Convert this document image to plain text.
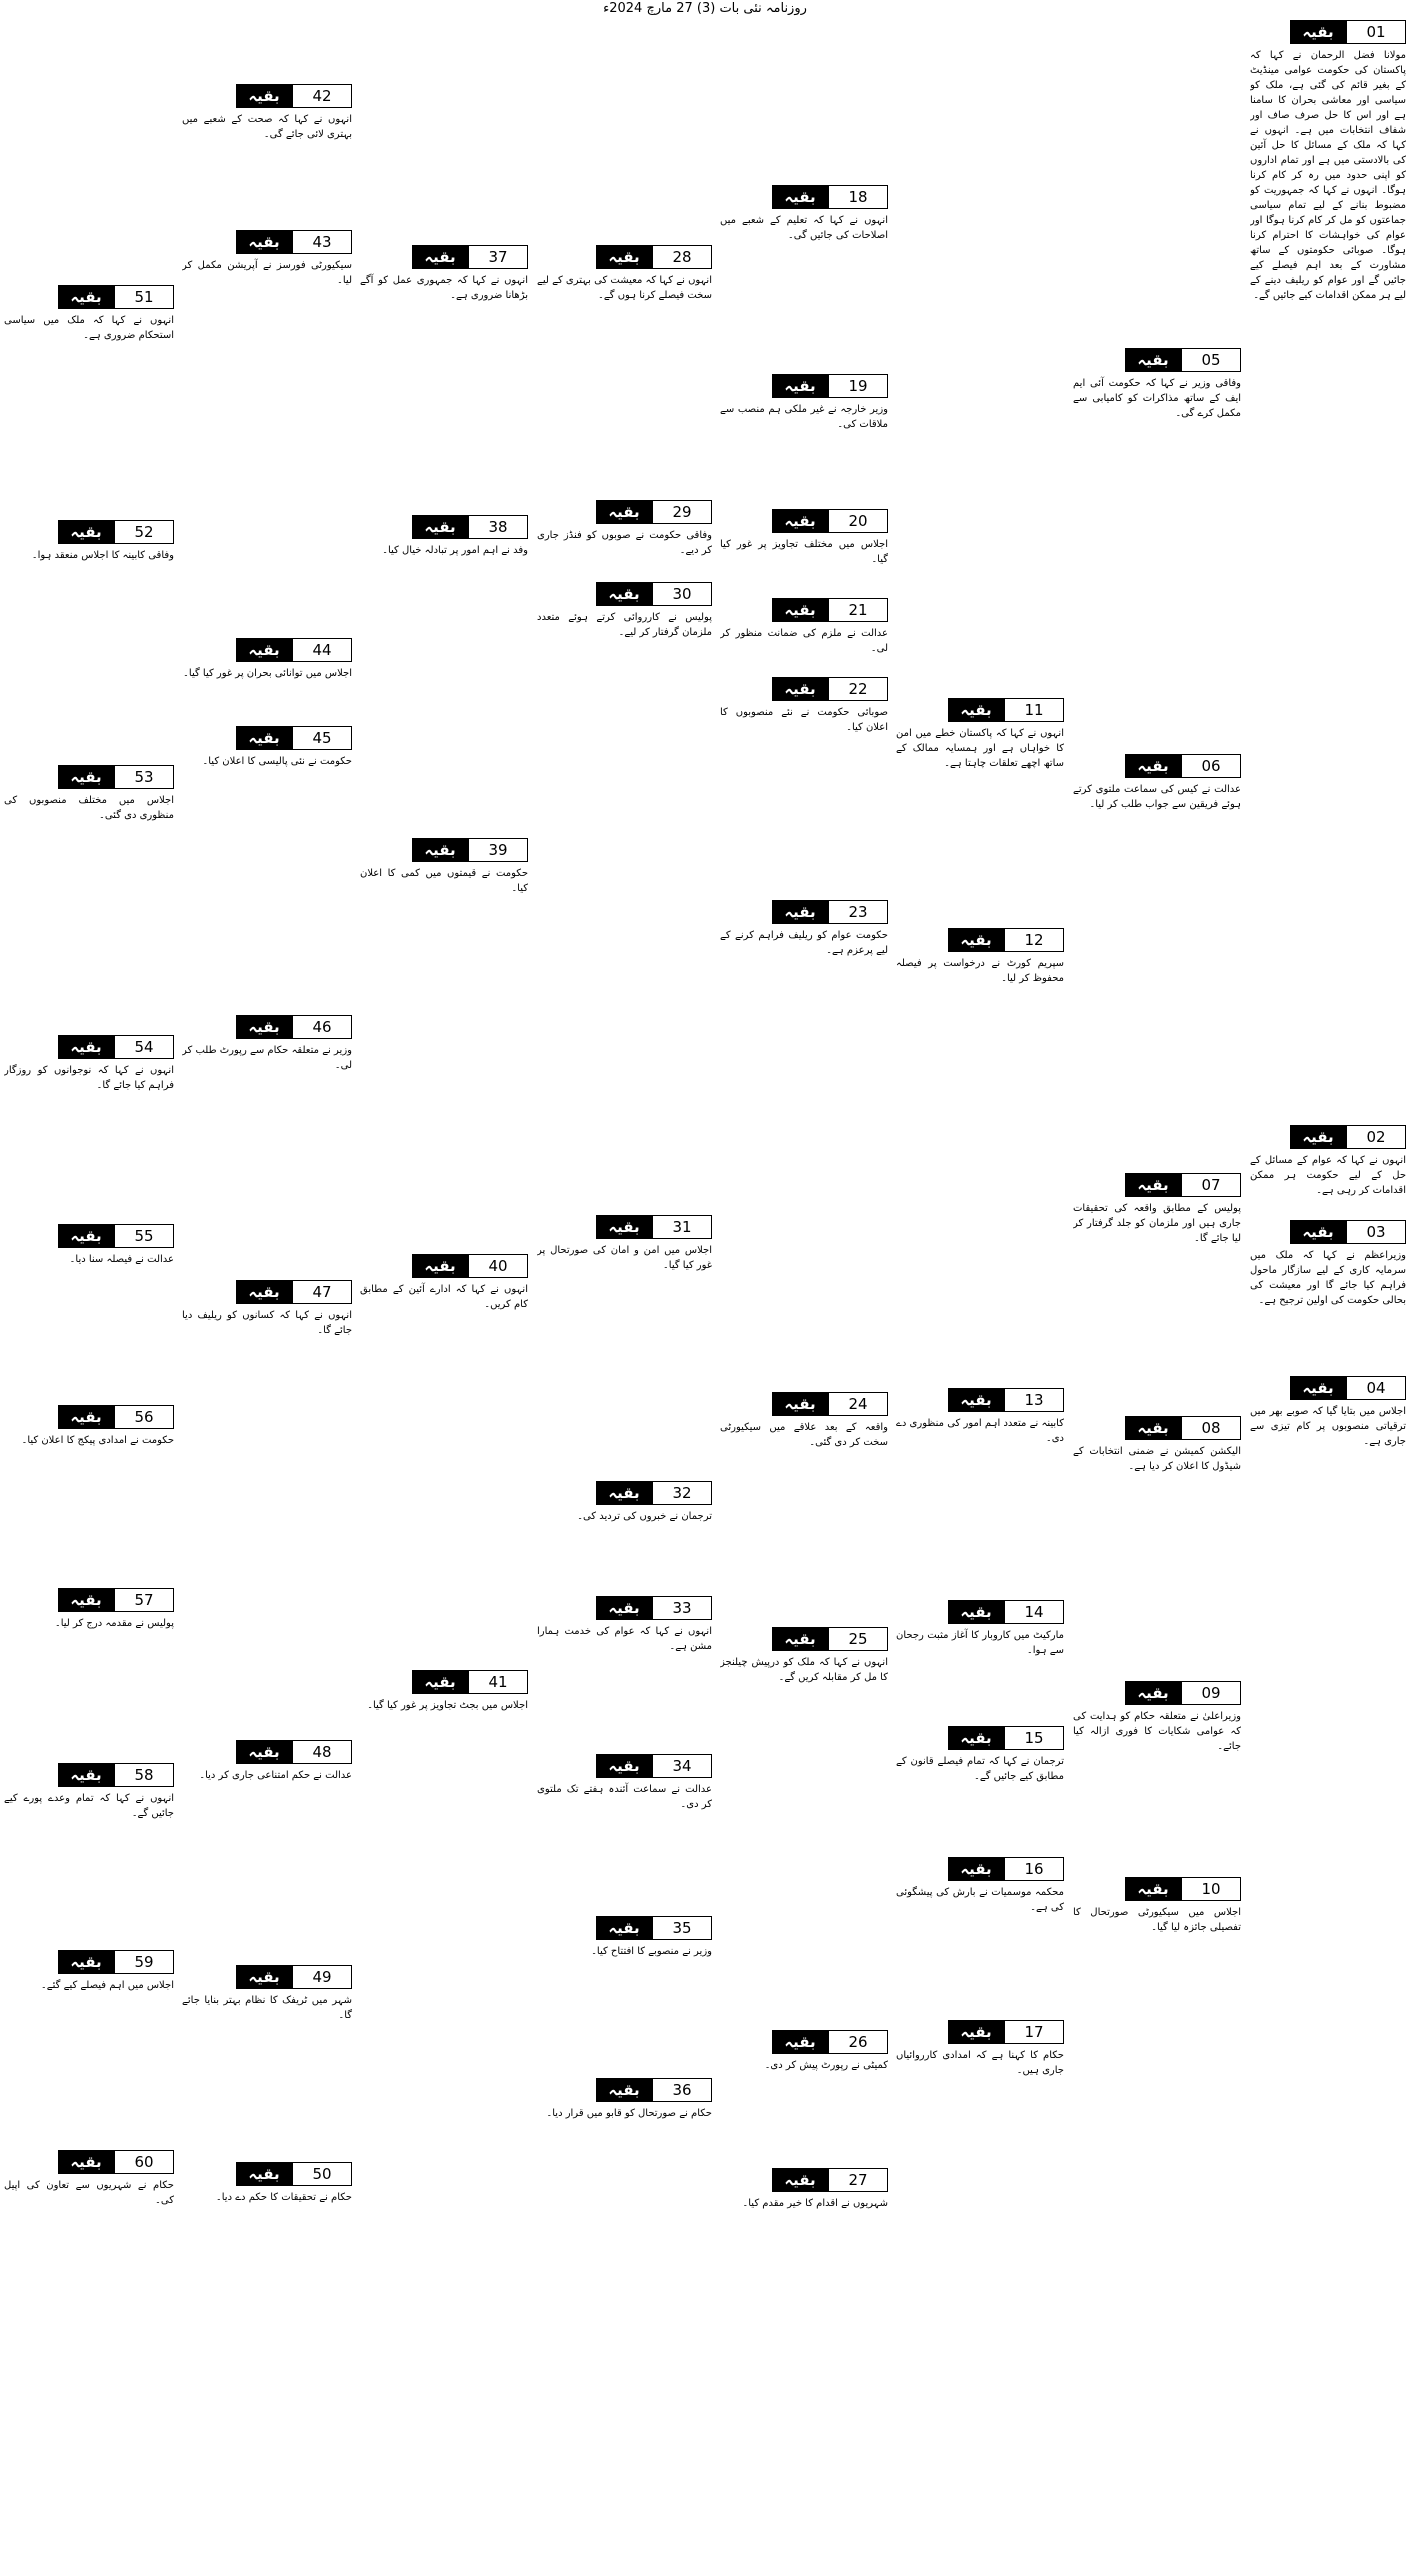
روزنامہ نئی بات (3) 27 مارچ 2024ء
بقیہ	01
مولانا فضل الرحمان نے کہا کہ پاکستان کی حکومت عوامی مینڈیٹ کے بغیر قائم کی گئی ہے، ملک کو سیاسی اور معاشی بحران کا سامنا ہے اور اس کا حل صرف صاف اور شفاف انتخابات میں ہے۔ انہوں نے کہا کہ ملک کے مسائل کا حل آئین کی بالادستی میں ہے اور تمام اداروں کو اپنی حدود میں رہ کر کام کرنا ہوگا۔ انہوں نے کہا کہ جمہوریت کو مضبوط بنانے کے لیے تمام سیاسی جماعتوں کو مل کر کام کرنا ہوگا اور عوام کی خواہشات کا احترام کرنا ہوگا۔ صوبائی حکومتوں کے ساتھ مشاورت کے بعد اہم فیصلے کیے جائیں گے اور عوام کو ریلیف دینے کے لیے ہر ممکن اقدامات کیے جائیں گے۔
بقیہ	02
انہوں نے کہا کہ عوام کے مسائل کے حل کے لیے حکومت ہر ممکن اقدامات کر رہی ہے۔
بقیہ	03
وزیراعظم نے کہا کہ ملک میں سرمایہ کاری کے لیے سازگار ماحول فراہم کیا جائے گا اور معیشت کی بحالی حکومت کی اولین ترجیح ہے۔
بقیہ	04
اجلاس میں بتایا گیا کہ صوبے بھر میں ترقیاتی منصوبوں پر کام تیزی سے جاری ہے۔
بقیہ	05
وفاقی وزیر نے کہا کہ حکومت آئی ایم ایف کے ساتھ مذاکرات کو کامیابی سے مکمل کرے گی۔
بقیہ	06
عدالت نے کیس کی سماعت ملتوی کرتے ہوئے فریقین سے جواب طلب کر لیا۔
بقیہ	07
پولیس کے مطابق واقعہ کی تحقیقات جاری ہیں اور ملزمان کو جلد گرفتار کر لیا جائے گا۔
بقیہ	08
الیکشن کمیشن نے ضمنی انتخابات کے شیڈول کا اعلان کر دیا ہے۔
بقیہ	09
وزیراعلیٰ نے متعلقہ حکام کو ہدایت کی کہ عوامی شکایات کا فوری ازالہ کیا جائے۔
بقیہ	10
اجلاس میں سیکیورٹی صورتحال کا تفصیلی جائزہ لیا گیا۔
بقیہ	11
انہوں نے کہا کہ پاکستان خطے میں امن کا خواہاں ہے اور ہمسایہ ممالک کے ساتھ اچھے تعلقات چاہتا ہے۔
بقیہ	12
سپریم کورٹ نے درخواست پر فیصلہ محفوظ کر لیا۔
بقیہ	13
کابینہ نے متعدد اہم امور کی منظوری دے دی۔
بقیہ	14
مارکیٹ میں کاروبار کا آغاز مثبت رجحان سے ہوا۔
بقیہ	15
ترجمان نے کہا کہ تمام فیصلے قانون کے مطابق کیے جائیں گے۔
بقیہ	16
محکمہ موسمیات نے بارش کی پیشگوئی کی ہے۔
بقیہ	17
حکام کا کہنا ہے کہ امدادی کارروائیاں جاری ہیں۔
بقیہ	18
انہوں نے کہا کہ تعلیم کے شعبے میں اصلاحات کی جائیں گی۔
بقیہ	19
وزیر خارجہ نے غیر ملکی ہم منصب سے ملاقات کی۔
بقیہ	20
اجلاس میں مختلف تجاویز پر غور کیا گیا۔
بقیہ	21
عدالت نے ملزم کی ضمانت منظور کر لی۔
بقیہ	22
صوبائی حکومت نے نئے منصوبوں کا اعلان کیا۔
بقیہ	23
حکومت عوام کو ریلیف فراہم کرنے کے لیے پرعزم ہے۔
بقیہ	24
واقعہ کے بعد علاقے میں سیکیورٹی سخت کر دی گئی۔
بقیہ	25
انہوں نے کہا کہ ملک کو درپیش چیلنجز کا مل کر مقابلہ کریں گے۔
بقیہ	26
کمیٹی نے رپورٹ پیش کر دی۔
بقیہ	27
شہریوں نے اقدام کا خیر مقدم کیا۔
بقیہ	28
انہوں نے کہا کہ معیشت کی بہتری کے لیے سخت فیصلے کرنا ہوں گے۔
بقیہ	29
وفاقی حکومت نے صوبوں کو فنڈز جاری کر دیے۔
بقیہ	30
پولیس نے کارروائی کرتے ہوئے متعدد ملزمان گرفتار کر لیے۔
بقیہ	31
اجلاس میں امن و امان کی صورتحال پر غور کیا گیا۔
بقیہ	32
ترجمان نے خبروں کی تردید کی۔
بقیہ	33
انہوں نے کہا کہ عوام کی خدمت ہمارا مشن ہے۔
بقیہ	34
عدالت نے سماعت آئندہ ہفتے تک ملتوی کر دی۔
بقیہ	35
وزیر نے منصوبے کا افتتاح کیا۔
بقیہ	36
حکام نے صورتحال کو قابو میں قرار دیا۔
بقیہ	37
انہوں نے کہا کہ جمہوری عمل کو آگے بڑھانا ضروری ہے۔
بقیہ	38
وفد نے اہم امور پر تبادلہ خیال کیا۔
بقیہ	39
حکومت نے قیمتوں میں کمی کا اعلان کیا۔
بقیہ	40
انہوں نے کہا کہ ادارے آئین کے مطابق کام کریں۔
بقیہ	41
اجلاس میں بجٹ تجاویز پر غور کیا گیا۔
بقیہ	42
انہوں نے کہا کہ صحت کے شعبے میں بہتری لائی جائے گی۔
بقیہ	43
سیکیورٹی فورسز نے آپریشن مکمل کر لیا۔
بقیہ	44
اجلاس میں توانائی بحران پر غور کیا گیا۔
بقیہ	45
حکومت نے نئی پالیسی کا اعلان کیا۔
بقیہ	46
وزیر نے متعلقہ حکام سے رپورٹ طلب کر لی۔
بقیہ	47
انہوں نے کہا کہ کسانوں کو ریلیف دیا جائے گا۔
بقیہ	48
عدالت نے حکم امتناعی جاری کر دیا۔
بقیہ	49
شہر میں ٹریفک کا نظام بہتر بنایا جائے گا۔
بقیہ	50
حکام نے تحقیقات کا حکم دے دیا۔
بقیہ	51
انہوں نے کہا کہ ملک میں سیاسی استحکام ضروری ہے۔
بقیہ	52
وفاقی کابینہ کا اجلاس منعقد ہوا۔
بقیہ	53
اجلاس میں مختلف منصوبوں کی منظوری دی گئی۔
بقیہ	54
انہوں نے کہا کہ نوجوانوں کو روزگار فراہم کیا جائے گا۔
بقیہ	55
عدالت نے فیصلہ سنا دیا۔
بقیہ	56
حکومت نے امدادی پیکج کا اعلان کیا۔
بقیہ	57
پولیس نے مقدمہ درج کر لیا۔
بقیہ	58
انہوں نے کہا کہ تمام وعدے پورے کیے جائیں گے۔
بقیہ	59
اجلاس میں اہم فیصلے کیے گئے۔
بقیہ	60
حکام نے شہریوں سے تعاون کی اپیل کی۔
